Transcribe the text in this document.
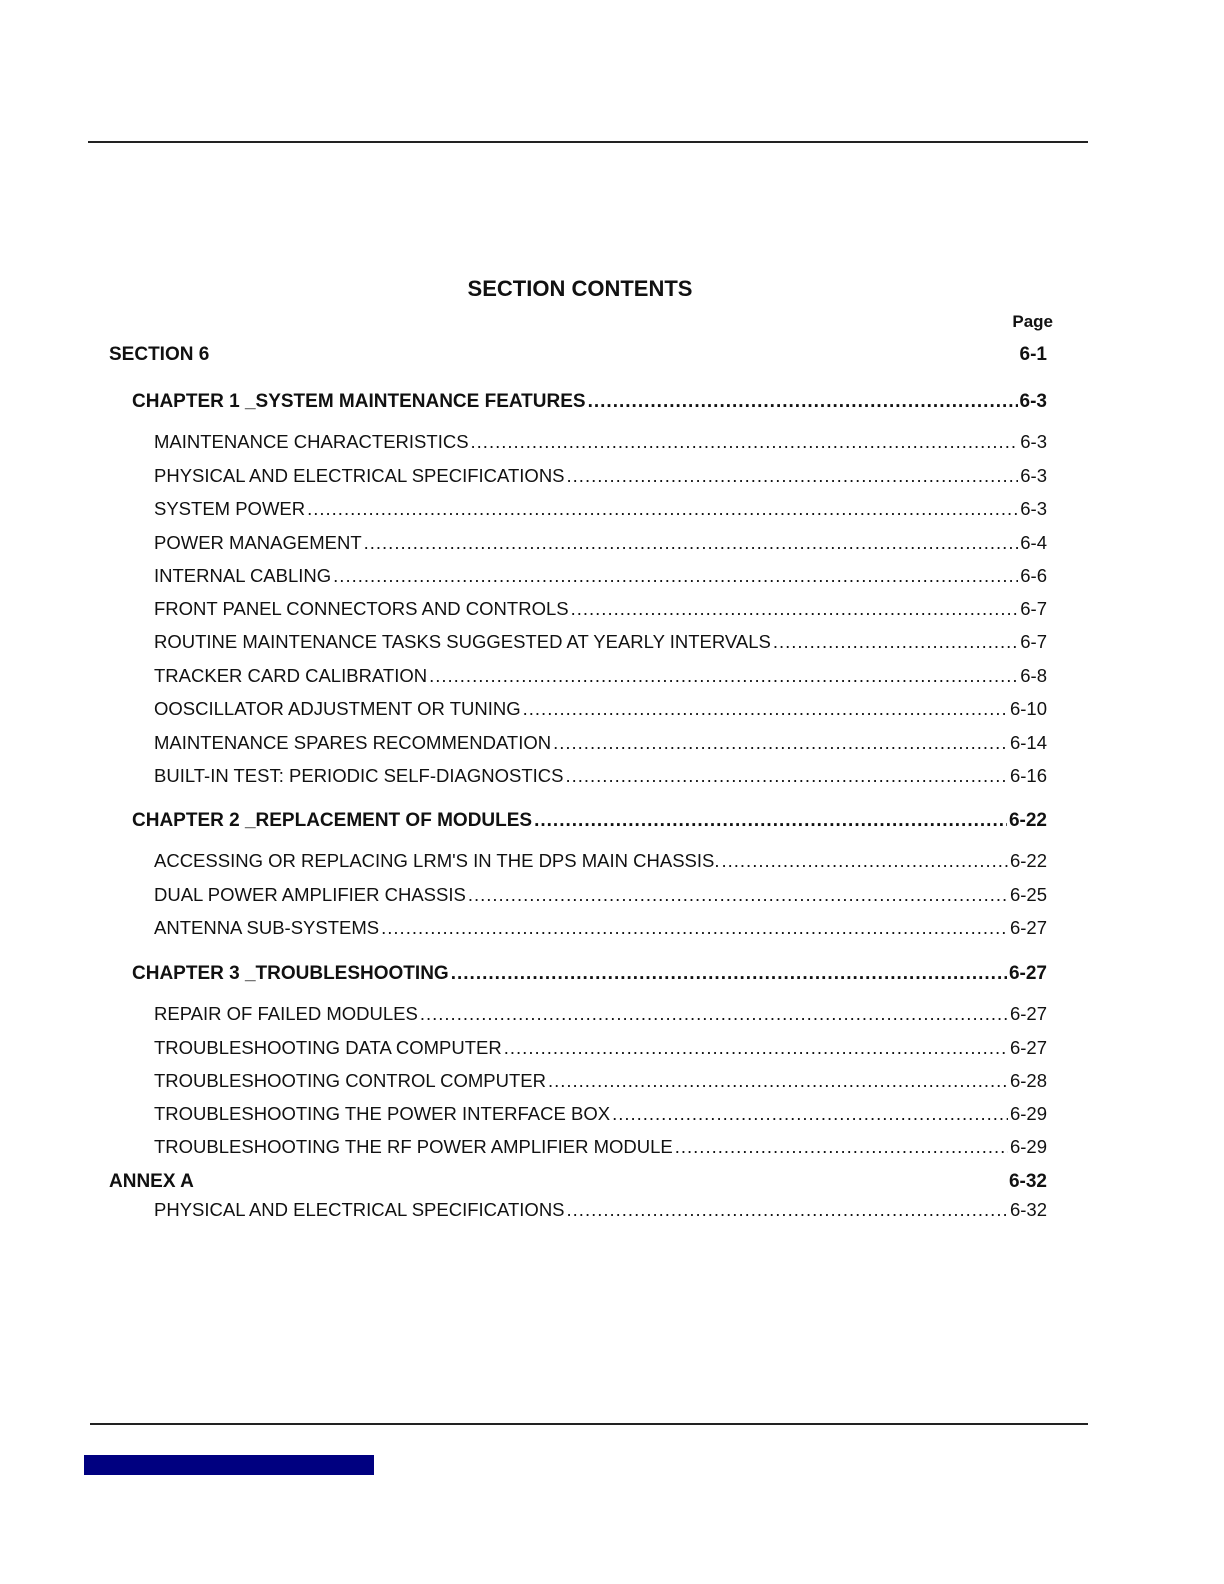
SECTION CONTENTS
Page
SECTION 6	6-1
CHAPTER 1 _SYSTEM MAINTENANCE FEATURES .....	6-3
MAINTENANCE CHARACTERISTICS .....	6-3
PHYSICAL AND ELECTRICAL SPECIFICATIONS .....	6-3
SYSTEM POWER .....	6-3
POWER MANAGEMENT .....	6-4
INTERNAL CABLING .....	6-6
FRONT PANEL CONNECTORS AND CONTROLS .....	6-7
ROUTINE MAINTENANCE TASKS SUGGESTED AT YEARLY INTERVALS .....	6-7
TRACKER CARD CALIBRATION .....	6-8
OOSCILLATOR ADJUSTMENT OR TUNING .....	6-10
MAINTENANCE SPARES RECOMMENDATION .....	6-14
BUILT-IN TEST: PERIODIC SELF-DIAGNOSTICS .....	6-16
CHAPTER 2 _REPLACEMENT OF MODULES .....	6-22
ACCESSING OR REPLACING LRM'S IN THE DPS MAIN CHASSIS. .....	6-22
DUAL POWER AMPLIFIER CHASSIS .....	6-25
ANTENNA SUB-SYSTEMS .....	6-27
CHAPTER 3 _TROUBLESHOOTING .....	6-27
REPAIR OF FAILED MODULES .....	6-27
TROUBLESHOOTING DATA COMPUTER .....	6-27
TROUBLESHOOTING CONTROL COMPUTER .....	6-28
TROUBLESHOOTING THE POWER INTERFACE BOX .....	6-29
TROUBLESHOOTING THE RF POWER AMPLIFIER MODULE .....	6-29
ANNEX A	6-32
PHYSICAL AND ELECTRICAL SPECIFICATIONS .....	6-32
